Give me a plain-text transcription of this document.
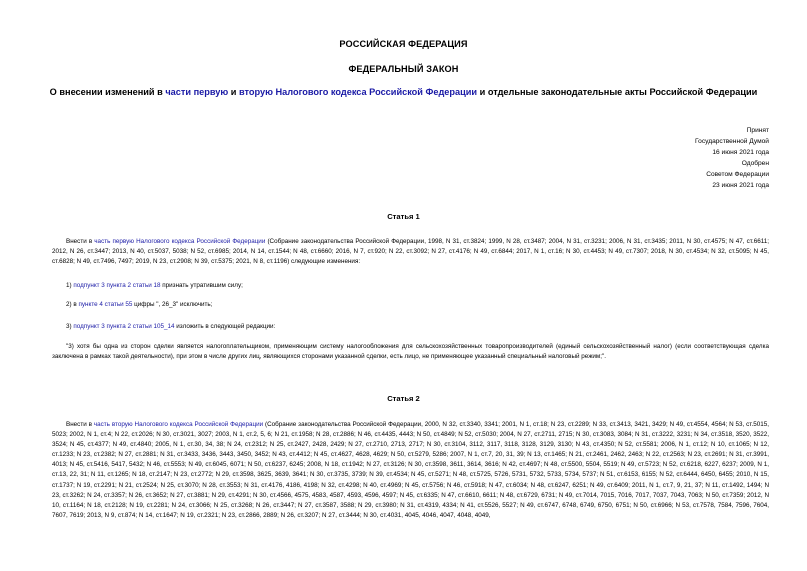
РОССИЙСКАЯ ФЕДЕРАЦИЯ
ФЕДЕРАЛЬНЫЙ ЗАКОН
О внесении изменений в части первую и вторую Налогового кодекса Российской Федерации и отдельные законодательные акты Российской Федерации
Принят
Государственной Думой
16 июня 2021 года
Одобрен
Советом Федерации
23 июня 2021 года
Статья 1
Внести в часть первую Налогового кодекса Российской Федерации (Собрание законодательства Российской Федерации, 1998, N 31, ст.3824; 1999, N 28, ст.3487; 2004, N 31, ст.3231; 2006, N 31, ст.3435; 2011, N 30, ст.4575; N 47, ст.6611; 2012, N 26, ст.3447; 2013, N 40, ст.5037, 5038; N 52, ст.6985; 2014, N 14, ст.1544; N 48, ст.6660; 2016, N 7, ст.920; N 22, ст.3092; N 27, ст.4176; N 49, ст.6844; 2017, N 1, ст.16; N 30, ст.4453; N 49, ст.7307; 2018, N 30, ст.4534; N 32, ст.5095; N 45, ст.6828; N 49, ст.7496, 7497; 2019, N 23, ст.2908; N 39, ст.5375; 2021, N 8, ст.1196) следующие изменения:
1) подпункт 3 пункта 2 статьи 18 признать утратившим силу;
2) в пункте 4 статьи 55 цифры ", 26_3" исключить;
3) подпункт 3 пункта 2 статьи 105_14 изложить в следующей редакции:
"3) хотя бы одна из сторон сделки является налогоплательщиком, применяющим систему налогообложения для сельскохозяйственных товаропроизводителей (единый сельскохозяйственный налог) (если соответствующая сделка заключена в рамках такой деятельности), при этом в числе других лиц, являющихся сторонами указанной сделки, есть лицо, не применяющее указанный специальный налоговый режим;".
Статья 2
Внести в часть вторую Налогового кодекса Российской Федерации (Собрание законодательства Российской Федерации, 2000, N 32, ст.3340, 3341; 2001, N 1, ст.18; N 23, ст.2289; N 33, ст.3413, 3421, 3429; N 49, ст.4554, 4564; N 53, ст.5015, 5023; 2002, N 1, ст.4; N 22, ст.2026; N 30, ст.3021, 3027; 2003, N 1, ст.2, 5, 6; N 21, ст.1958; N 28, ст.2886; N 46, ст.4435, 4443; N 50, ст.4849; N 52, ст.5030; 2004, N 27, ст.2711, 2715; N 30, ст.3083, 3084; N 31, ст.3222, 3231; N 34, ст.3518, 3520, 3522, 3524; N 45, ст.4377; N 49, ст.4840; 2005, N 1, ст.30, 34, 38; N 24, ст.2312; N 25, ст.2427, 2428, 2429; N 27, ст.2710, 2713, 2717; N 30, ст.3104, 3112, 3117, 3118, 3128, 3129, 3130; N 43, ст.4350; N 52, ст.5581; 2006, N 1, ст.12; N 10, ст.1065; N 12, ст.1233; N 23, ст.2382; N 27, ст.2881; N 31, ст.3433, 3436, 3443, 3450, 3452; N 43, ст.4412; N 45, ст.4627, 4628, 4629; N 50, ст.5279, 5286; 2007, N 1, ст.7, 20, 31, 39; N 13, ст.1465; N 21, ст.2461, 2462, 2463; N 22, ст.2563; N 23, ст.2691; N 31, ст.3991, 4013; N 45, ст.5416, 5417, 5432; N 46, ст.5553; N 49, ст.6045, 6071; N 50, ст.6237, 6245; 2008, N 18, ст.1942; N 27, ст.3126; N 30, ст.3598, 3611, 3614, 3616; N 42, ст.4697; N 48, ст.5500, 5504, 5519; N 49, ст.5723; N 52, ст.6218, 6227, 6237; 2009, N 1, ст.13, 22, 31; N 11, ст.1265; N 18, ст.2147; N 23, ст.2772; N 29, ст.3598, 3625, 3639, 3641; N 30, ст.3735, 3739; N 39, ст.4534; N 45, ст.5271; N 48, ст.5725, 5726, 5731, 5732, 5733, 5734, 5737; N 51, ст.6153, 6155; N 52, ст.6444, 6450, 6455; 2010, N 15, ст.1737; N 19, ст.2291; N 21, ст.2524; N 25, ст.3070; N 28, ст.3553; N 31, ст.4176, 4186, 4198; N 32, ст.4298; N 40, ст.4969; N 45, ст.5756; N 46, ст.5918; N 47, ст.6034; N 48, ст.6247, 6251; N 49, ст.6409; 2011, N 1, ст.7, 9, 21, 37; N 11, ст.1492, 1494; N 23, ст.3262; N 24, ст.3357; N 26, ст.3652; N 27, ст.3881; N 29, ст.4291; N 30, ст.4566, 4575, 4583, 4587, 4593, 4596, 4597; N 45, ст.6335; N 47, ст.6610, 6611; N 48, ст.6729, 6731; N 49, ст.7014, 7015, 7016, 7017, 7037, 7043, 7063; N 50, ст.7359; 2012, N 10, ст.1164; N 18, ст.2128; N 19, ст.2281; N 24, ст.3066; N 25, ст.3268; N 26, ст.3447; N 27, ст.3587, 3588; N 29, ст.3980; N 31, ст.4319, 4334; N 41, ст.5526, 5527; N 49, ст.6747, 6748, 6749, 6750, 6751; N 50, ст.6966; N 53, ст.7578, 7584, 7596, 7604, 7607, 7619; 2013, N 9, ст.874; N 14, ст.1647; N 19, ст.2321; N 23, ст.2866, 2889; N 26, ст.3207; N 27, ст.3444; N 30, ст.4031, 4045, 4046, 4047, 4048, 4049,
